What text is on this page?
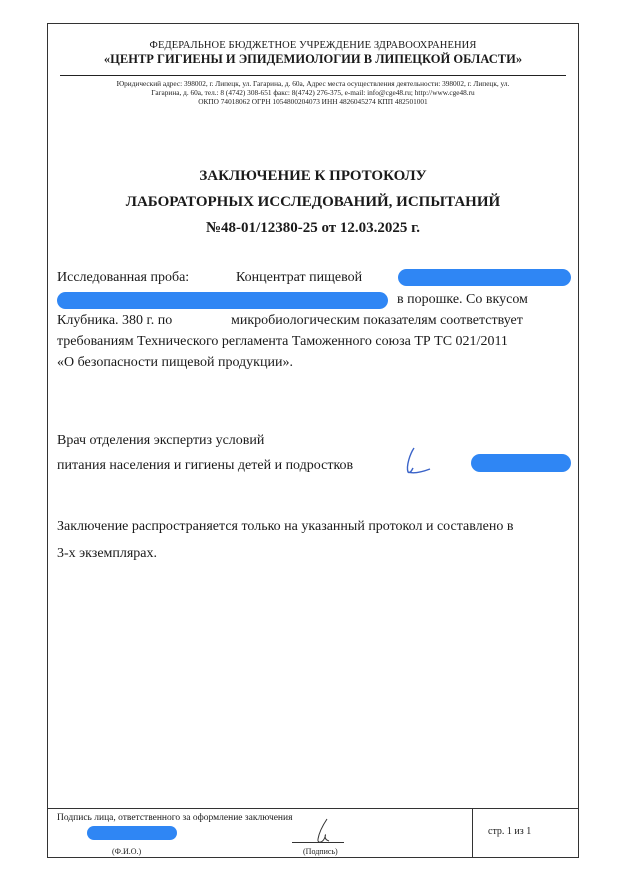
ФЕДЕРАЛЬНОЕ БЮДЖЕТНОЕ УЧРЕЖДЕНИЕ ЗДРАВООХРАНЕНИЯ
«ЦЕНТР ГИГИЕНЫ И ЭПИДЕМИОЛОГИИ В ЛИПЕЦКОЙ ОБЛАСТИ»
Юридический адрес: 398002, г. Липецк, ул. Гагарина, д. 60а, Адрес места осуществления деятельности: 398002, г. Липецк, ул.
Гагарина, д. 60а, тел.: 8 (4742) 308-651 факс: 8(4742) 276-375, e-mail: info@cge48.ru; http://www.cge48.ru
ОКПО 74018062 ОГРН 1054800204073 ИНН 4826045274 КПП 482501001
ЗАКЛЮЧЕНИЕ К ПРОТОКОЛУ
ЛАБОРАТОРНЫХ ИССЛЕДОВАНИЙ, ИСПЫТАНИЙ
№48-01/12380-25 от 12.03.2025 г.
Исследованная проба:	Концентрат пищевой
в порошке. Со вкусом
Клубника. 380 г. по	микробиологическим показателям соответствует
требованиям Технического регламента Таможенного союза ТР ТС 021/2011
«О безопасности пищевой продукции».
Врач отделения экспертиз условий
питания населения и гигиены детей и подростков
Заключение распространяется только на указанный протокол и составлено в
3-х экземплярах.
Подпись лица, ответственного за оформление заключения
(Ф.И.О.)	(Подпись)
стр. 1 из 1
